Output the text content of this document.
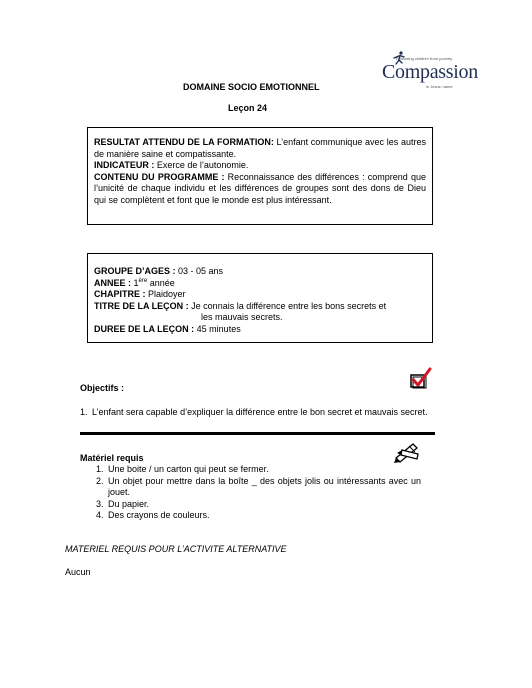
Releasing children from poverty
Compassion
in Jesus' name
DOMAINE SOCIO EMOTIONNEL
Leçon 24

RESULTAT ATTENDU DE LA FORMATION: L’enfant communique avec les autres de manière saine et compatissante.

INDICATEUR : Exerce de l’autonomie.

CONTENU DU PROGRAMME : Reconnaissance des différences : comprend que l’unicité de chaque individu et les différences de groupes sont des dons de Dieu qui se complètent et font que le monde est plus intéressant.

GROUPE D’AGES : 03 - 05 ans

ANNEE : 1ère année

CHAPITRE : Plaidoyer

TITRE DE LA LEÇON : Je connais la différence entre les bons secrets et

les mauvais secrets.

DUREE DE LA LEÇON : 45 minutes

Objectifs :
1. L’enfant sera capable d’expliquer la différence entre le bon secret et mauvais secret.
Matériel requis
1. Une boite / un carton qui peut se fermer.
2. Un objet pour mettre dans la boîte _ des objets jolis ou intéressants avec un jouet.
3. Du papier.
4. Des crayons de couleurs.
MATERIEL REQUIS POUR L’ACTIVITE ALTERNATIVE
Aucun
